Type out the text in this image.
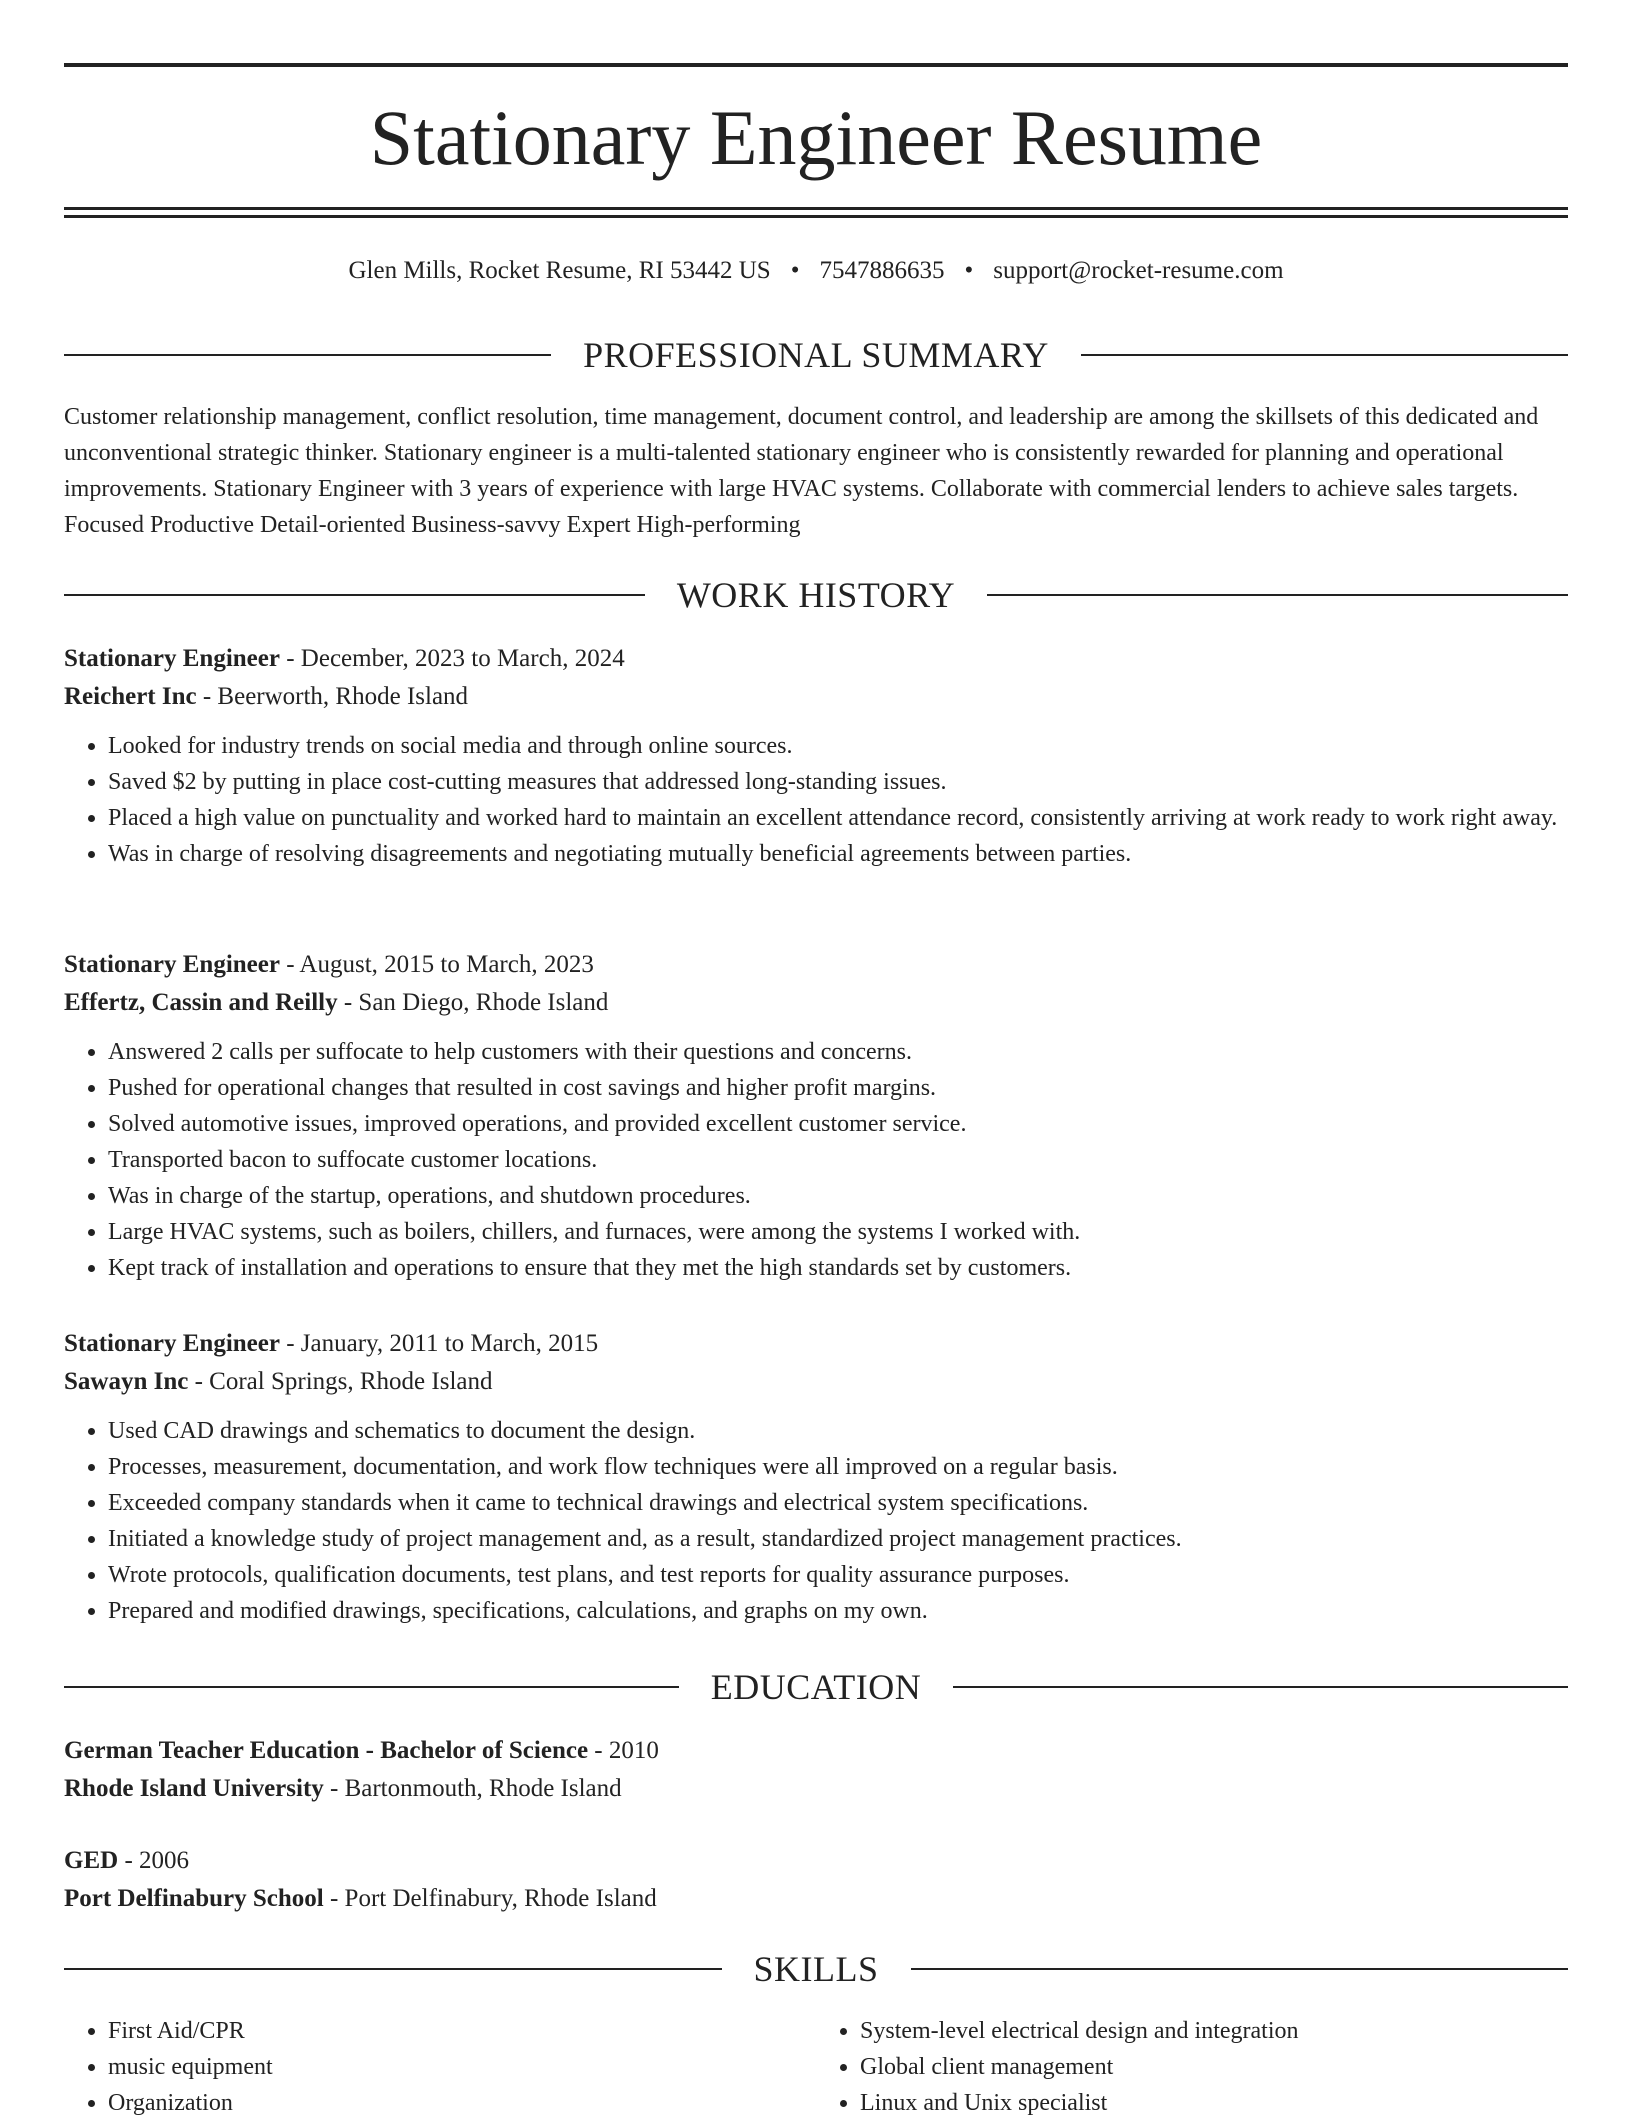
Stationary Engineer Resume
Glen Mills, Rocket Resume, RI 53442 US • 7547886635 • support@rocket-resume.com
PROFESSIONAL SUMMARY

Customer relationship management, conflict resolution, time management, document control, and leadership are among the skillsets of this dedicated and unconventional strategic thinker. Stationary engineer is a multi-talented stationary engineer who is consistently rewarded for planning and operational improvements. Stationary Engineer with 3 years of experience with large HVAC systems. Collaborate with commercial lenders to achieve sales targets. Focused Productive Detail-oriented Business-savvy Expert High-performing

WORK HISTORY

Stationary Engineer - December, 2023 to March, 2024

Reichert Inc - Beerworth, Rhode Island

• Looked for industry trends on social media and through online sources.
• Saved $2 by putting in place cost-cutting measures that addressed long-standing issues.
• Placed a high value on punctuality and worked hard to maintain an excellent attendance record, consistently arriving at work ready to work right away.
• Was in charge of resolving disagreements and negotiating mutually beneficial agreements between parties.

Stationary Engineer - August, 2015 to March, 2023

Effertz, Cassin and Reilly - San Diego, Rhode Island

• Answered 2 calls per suffocate to help customers with their questions and concerns.
• Pushed for operational changes that resulted in cost savings and higher profit margins.
• Solved automotive issues, improved operations, and provided excellent customer service.
• Transported bacon to suffocate customer locations.
• Was in charge of the startup, operations, and shutdown procedures.
• Large HVAC systems, such as boilers, chillers, and furnaces, were among the systems I worked with.
• Kept track of installation and operations to ensure that they met the high standards set by customers.

Stationary Engineer - January, 2011 to March, 2015

Sawayn Inc - Coral Springs, Rhode Island

• Used CAD drawings and schematics to document the design.
• Processes, measurement, documentation, and work flow techniques were all improved on a regular basis.
• Exceeded company standards when it came to technical drawings and electrical system specifications.
• Initiated a knowledge study of project management and, as a result, standardized project management practices.
• Wrote protocols, qualification documents, test plans, and test reports for quality assurance purposes.
• Prepared and modified drawings, specifications, calculations, and graphs on my own.
EDUCATION

German Teacher Education - Bachelor of Science - 2010

Rhode Island University - Bartonmouth, Rhode Island

GED - 2006

Port Delfinabury School - Port Delfinabury, Rhode Island

SKILLS
• First Aid/CPR
• music equipment
• Organization
• System-level electrical design and integration
• Global client management
• Linux and Unix specialist
